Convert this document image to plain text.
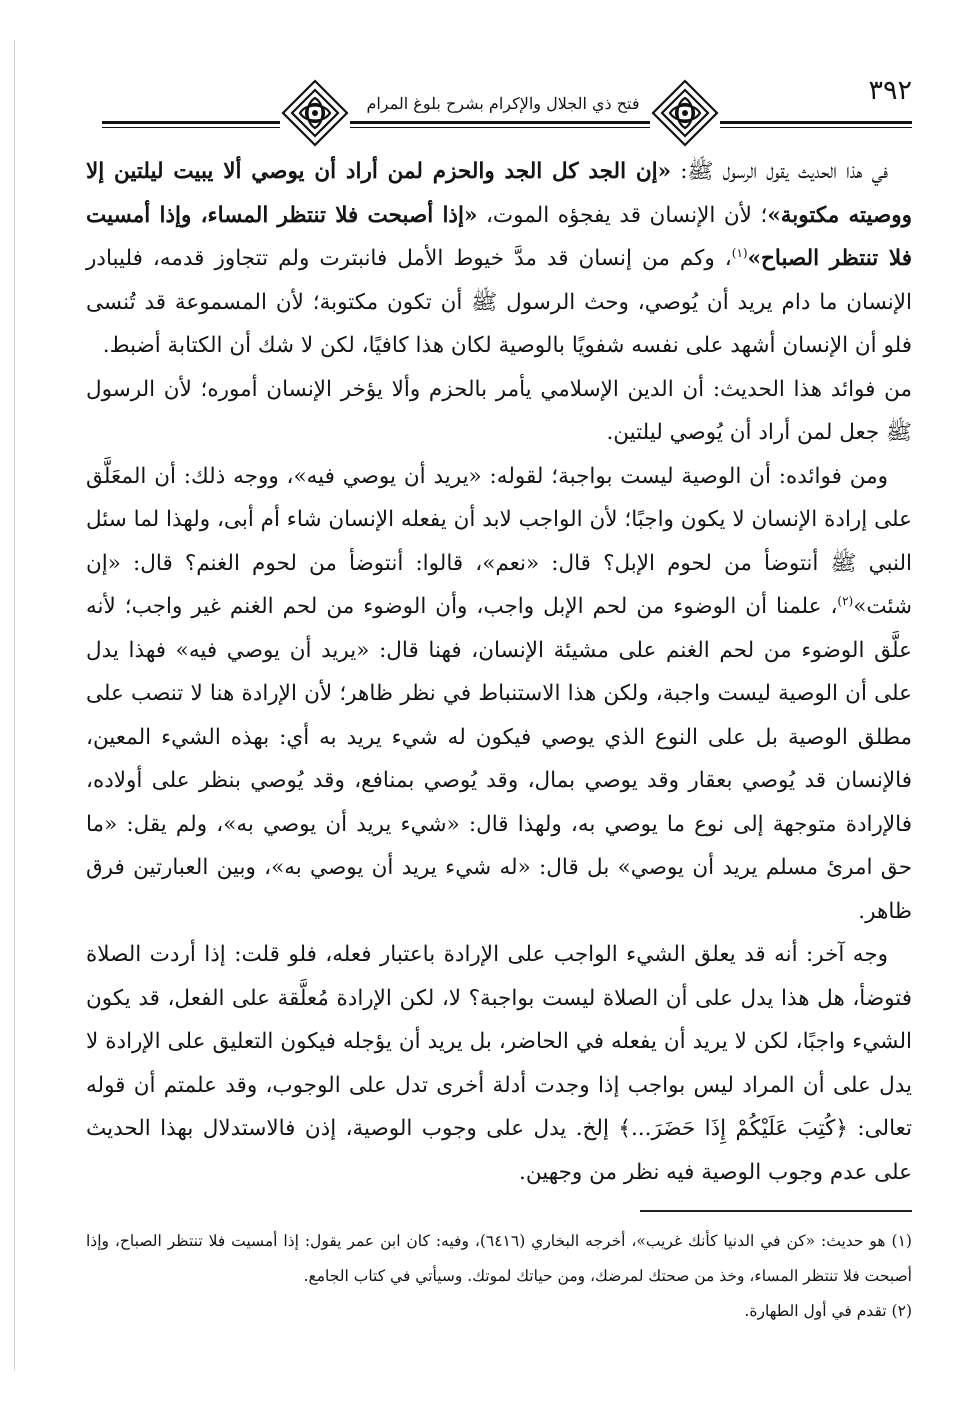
فتح ذي الجلال والإكرام بشرح بلوغ المرام	٣٩٢

في هذا الحديث يقول الرسول ﷺ: «إن الجد كل الجد والحزم لمن أراد أن يوصي ألا يبيت ليلتين إلا ووصيته مكتوبة»؛ لأن الإنسان قد يفجؤه الموت، «إذا أصبحت فلا تنتظر المساء، وإذا أمسيت فلا تنتظر الصباح»$^{(١)}$، وكم من إنسان قد مدَّ خيوط الأمل فانبترت ولم تتجاوز قدمه، فليبادر الإنسان ما دام يريد أن يُوصي، وحث الرسول ﷺ أن تكون مكتوبة؛ لأن المسموعة قد تُنسى فلو أن الإنسان أشهد على نفسه شفويًا بالوصية لكان هذا كافيًا، لكن لا شك أن الكتابة أضبط.

من فوائد هذا الحديث: أن الدين الإسلامي يأمر بالحزم وألا يؤخر الإنسان أموره؛ لأن الرسول ﷺ جعل لمن أراد أن يُوصي ليلتين.

ومن فوائده: أن الوصية ليست بواجبة؛ لقوله: «يريد أن يوصي فيه»، ووجه ذلك: أن المعَلَّق على إرادة الإنسان لا يكون واجبًا؛ لأن الواجب لابد أن يفعله الإنسان شاء أم أبى، ولهذا لما سئل النبي ﷺ أنتوضأ من لحوم الإبل؟ قال: «نعم»، قالوا: أنتوضأ من لحوم الغنم؟ قال: «إن شئت»$^{(٢)}$، علمنا أن الوضوء من لحم الإبل واجب، وأن الوضوء من لحم الغنم غير واجب؛ لأنه علَّق الوضوء من لحم الغنم على مشيئة الإنسان، فهنا قال: «يريد أن يوصي فيه» فهذا يدل على أن الوصية ليست واجبة، ولكن هذا الاستنباط في نظر ظاهر؛ لأن الإرادة هنا لا تنصب على مطلق الوصية بل على النوع الذي يوصي فيكون له شيء يريد به أي: بهذه الشيء المعين، فالإنسان قد يُوصي بعقار وقد يوصي بمال، وقد يُوصي بمنافع، وقد يُوصي بنظر على أولاده، فالإرادة متوجهة إلى نوع ما يوصي به، ولهذا قال: «شيء يريد أن يوصي به»، ولم يقل: «ما حق امرئ مسلم يريد أن يوصي» بل قال: «له شيء يريد أن يوصي به»، وبين العبارتين فرق ظاهر.

وجه آخر: أنه قد يعلق الشيء الواجب على الإرادة باعتبار فعله، فلو قلت: إذا أردت الصلاة فتوضأ، هل هذا يدل على أن الصلاة ليست بواجبة؟ لا، لكن الإرادة مُعلَّقة على الفعل، قد يكون الشيء واجبًا، لكن لا يريد أن يفعله في الحاضر، بل يريد أن يؤجله فيكون التعليق على الإرادة لا يدل على أن المراد ليس بواجب إذا وجدت أدلة أخرى تدل على الوجوب، وقد علمتم أن قوله تعالى: ﴿كُتِبَ عَلَيْكُمْ إِذَا حَضَرَ...﴾ إلخ. يدل على وجوب الوصية، إذن فالاستدلال بهذا الحديث على عدم وجوب الوصية فيه نظر من وجهين.

(١) هو حديث: «كن في الدنيا كأنك غريب»، أخرجه البخاري (٦٤١٦)، وفيه: كان ابن عمر يقول: إذا أمسيت فلا تنتظر الصباح، وإذا أصبحت فلا تنتظر المساء، وخذ من صحتك لمرضك، ومن حياتك لموتك. وسيأتي في كتاب الجامع.

(٢) تقدم في أول الطهارة.
